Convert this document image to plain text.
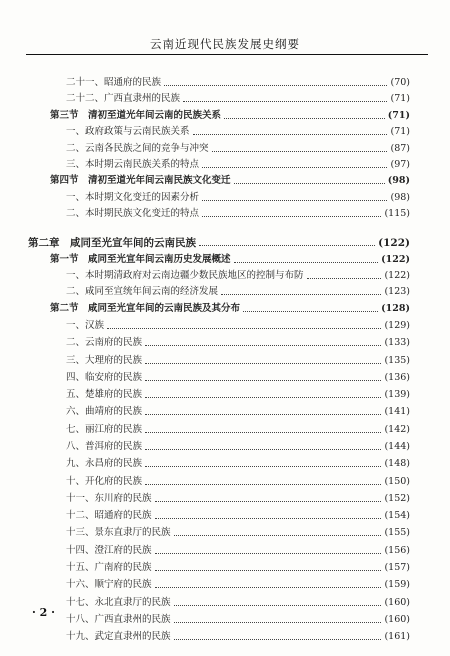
云南近现代民族发展史纲要
二十一、昭通府的民族	(70)
二十二、广西直隶州的民族	(71)
第三节　清初至道光年间云南的民族关系	(71)
一、政府政策与云南民族关系	(71)
二、云南各民族之间的竞争与冲突	(87)
三、本时期云南民族关系的特点	(97)
第四节　清初至道光年间云南民族文化变迁	(98)
一、本时期文化变迁的因素分析	(98)
二、本时期民族文化变迁的特点	(115)
第二章　咸同至光宣年间的云南民族	(122)
第一节　咸同至光宣年间云南历史发展概述	(122)
一、本时期清政府对云南边疆少数民族地区的控制与布防	(122)
二、咸同至宣统年间云南的经济发展	(123)
第二节　咸同至光宣年间的云南民族及其分布	(128)
一、汉族	(129)
二、云南府的民族	(133)
三、大理府的民族	(135)
四、临安府的民族	(136)
五、楚雄府的民族	(139)
六、曲靖府的民族	(141)
七、丽江府的民族	(142)
八、普洱府的民族	(144)
九、永昌府的民族	(148)
十、开化府的民族	(150)
十一、东川府的民族	(152)
十二、昭通府的民族	(154)
十三、景东直隶厅的民族	(155)
十四、澄江府的民族	(156)
十五、广南府的民族	(157)
十六、顺宁府的民族	(159)
十七、永北直隶厅的民族	(160)
十八、广西直隶州的民族	(160)
十九、武定直隶州的民族	(161)
· 2 ·
